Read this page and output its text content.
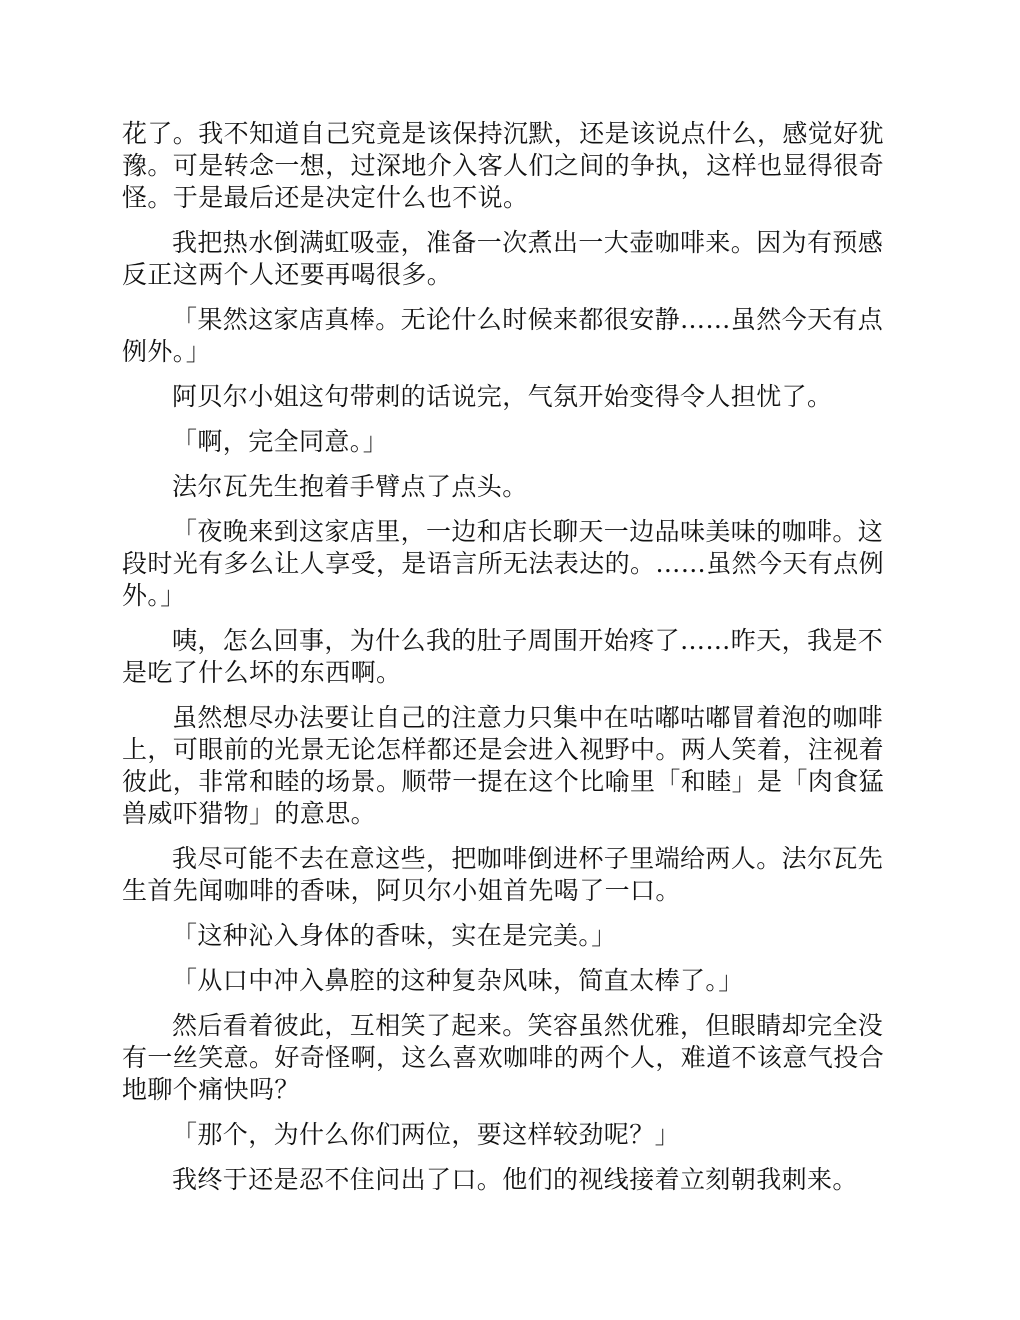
花了。我不知道自己究竟是该保持沉默，还是该说点什么，感觉好犹豫。可是转念一想，过深地介入客人们之间的争执，这样也显得很奇怪。于是最后还是决定什么也不说。

我把热水倒满虹吸壶，准备一次煮出一大壶咖啡来。因为有预感反正这两个人还要再喝很多。

「果然这家店真棒。无论什么时候来都很安静……虽然今天有点例外。」

阿贝尔小姐这句带刺的话说完，气氛开始变得令人担忧了。

「啊，完全同意。」

法尔瓦先生抱着手臂点了点头。

「夜晚来到这家店里，一边和店长聊天一边品味美味的咖啡。这段时光有多么让人享受，是语言所无法表达的。……虽然今天有点例外。」

咦，怎么回事，为什么我的肚子周围开始疼了……昨天，我是不是吃了什么坏的东西啊。

虽然想尽办法要让自己的注意力只集中在咕嘟咕嘟冒着泡的咖啡上，可眼前的光景无论怎样都还是会进入视野中。两人笑着，注视着彼此，非常和睦的场景。顺带一提在这个比喻里「和睦」是「肉食猛兽威吓猎物」的意思。

我尽可能不去在意这些，把咖啡倒进杯子里端给两人。法尔瓦先生首先闻咖啡的香味，阿贝尔小姐首先喝了一口。

「这种沁入身体的香味，实在是完美。」

「从口中冲入鼻腔的这种复杂风味，简直太棒了。」

然后看着彼此，互相笑了起来。笑容虽然优雅，但眼睛却完全没有一丝笑意。好奇怪啊，这么喜欢咖啡的两个人，难道不该意气投合地聊个痛快吗？

「那个，为什么你们两位，要这样较劲呢？」

我终于还是忍不住问出了口。他们的视线接着立刻朝我刺来。
